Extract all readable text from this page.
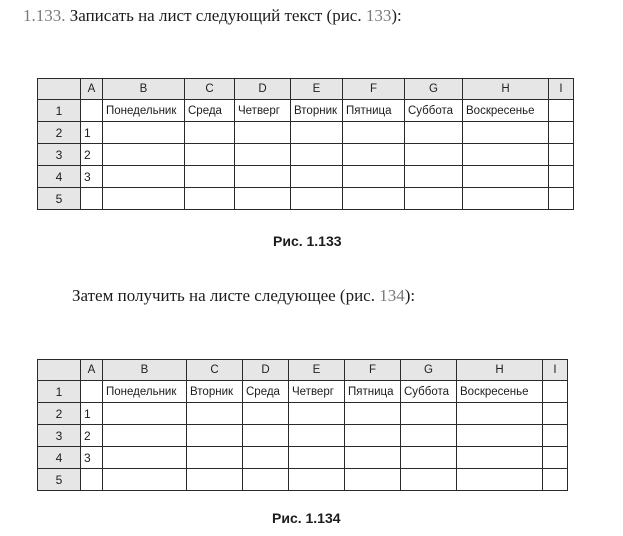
1.133. Записать на лист следующий текст (рис. 133):
	A	B	C	D	E	F	G	H	I
1		Понедельник	Среда	Четверг	Вторник	Пятница	Суббота	Воскресенье	
2	1								
3	2								
4	3								
5									
Рис. 1.133
Затем получить на листе следующее (рис. 134):
	A	B	C	D	E	F	G	H	I
1		Понедельник	Вторник	Среда	Четверг	Пятница	Суббота	Воскресенье	
2	1								
3	2								
4	3								
5									
Рис. 1.134
